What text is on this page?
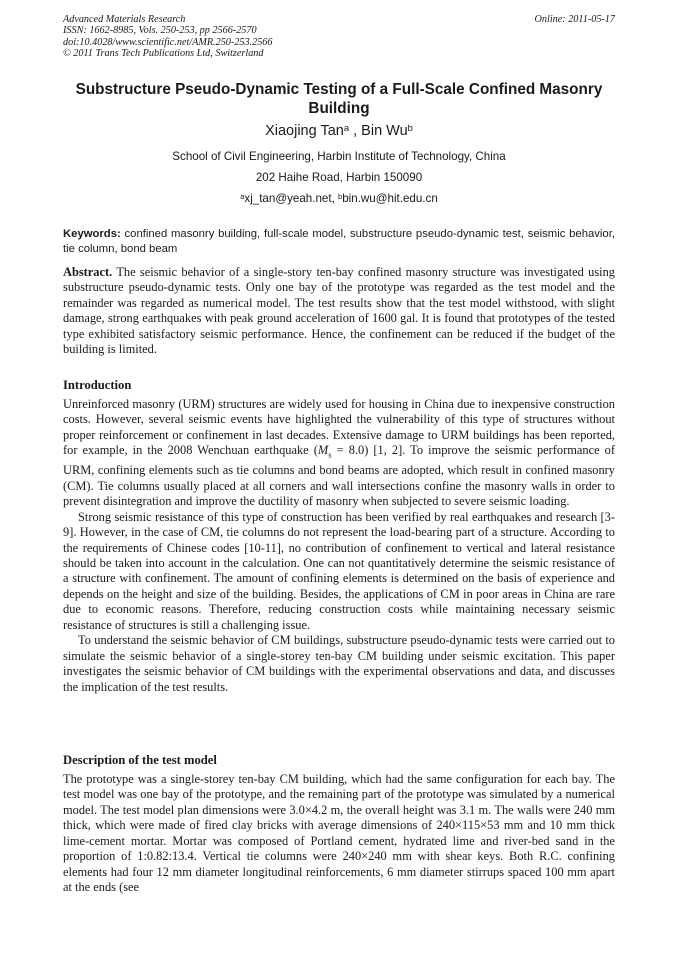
Advanced Materials Research
ISSN: 1662-8985, Vols. 250-253, pp 2566-2570
doi:10.4028/www.scientific.net/AMR.250-253.2566
© 2011 Trans Tech Publications Ltd, Switzerland
Online: 2011-05-17
Substructure Pseudo-Dynamic Testing of a Full-Scale Confined Masonry Building
Xiaojing Tan$^a$ , Bin Wu$^b$
School of Civil Engineering, Harbin Institute of Technology, China
202 Haihe Road, Harbin 150090
$^a$xj_tan@yeah.net, $^b$bin.wu@hit.edu.cn
Keywords: confined masonry building, full-scale model, substructure pseudo-dynamic test, seismic behavior, tie column, bond beam
Abstract. The seismic behavior of a single-story ten-bay confined masonry structure was investigated using substructure pseudo-dynamic tests. Only one bay of the prototype was regarded as the test model and the remainder was regarded as numerical model. The test results show that the test model withstood, with slight damage, strong earthquakes with peak ground acceleration of 1600 gal. It is found that prototypes of the tested type exhibited satisfactory seismic performance. Hence, the confinement can be reduced if the budget of the building is limited.
Introduction

Unreinforced masonry (URM) structures are widely used for housing in China due to inexpensive construction costs. However, several seismic events have highlighted the vulnerability of this type of structures without proper reinforcement or confinement in last decades. Extensive damage to URM buildings has been reported, for example, in the 2008 Wenchuan earthquake $(M_s = 8.0)$ [1, 2]. To improve the seismic performance of URM, confining elements such as tie columns and bond beams are adopted, which result in confined masonry (CM). Tie columns usually placed at all corners and wall intersections confine the masonry walls in order to prevent disintegration and improve the ductility of masonry when subjected to severe seismic loading.

Strong seismic resistance of this type of construction has been verified by real earthquakes and research [3-9]. However, in the case of CM, tie columns do not represent the load-bearing part of a structure. According to the requirements of Chinese codes [10-11], no contribution of confinement to vertical and lateral resistance should be taken into account in the calculation. One can not quantitatively determine the seismic resistance of a structure with confinement. The amount of confining elements is determined on the basis of experience and depends on the height and size of the building. Besides, the applications of CM in poor areas in China are rare due to economic reasons. Therefore, reducing construction costs while maintaining necessary seismic resistance of structures is still a challenging issue.

To understand the seismic behavior of CM buildings, substructure pseudo-dynamic tests were carried out to simulate the seismic behavior of a single-storey ten-bay CM building under seismic excitation. This paper investigates the seismic behavior of CM buildings with the experimental observations and data, and discusses the implication of the test results.

Description of the test model

The prototype was a single-storey ten-bay CM building, which had the same configuration for each bay. The test model was one bay of the prototype, and the remaining part of the prototype was simulated by a numerical model. The test model plan dimensions were 3.0×4.2 m, the overall height was 3.1 m. The walls were 240 mm thick, which were made of fired clay bricks with average dimensions of 240×115×53 mm and 10 mm thick lime-cement mortar. Mortar was composed of Portland cement, hydrated lime and river-bed sand in the proportion of 1:0.82:13.4. Vertical tie columns were 240×240 mm with shear keys. Both R.C. confining elements had four 12 mm diameter longitudinal reinforcements, 6 mm diameter stirrups spaced 100 mm apart at the ends (see
